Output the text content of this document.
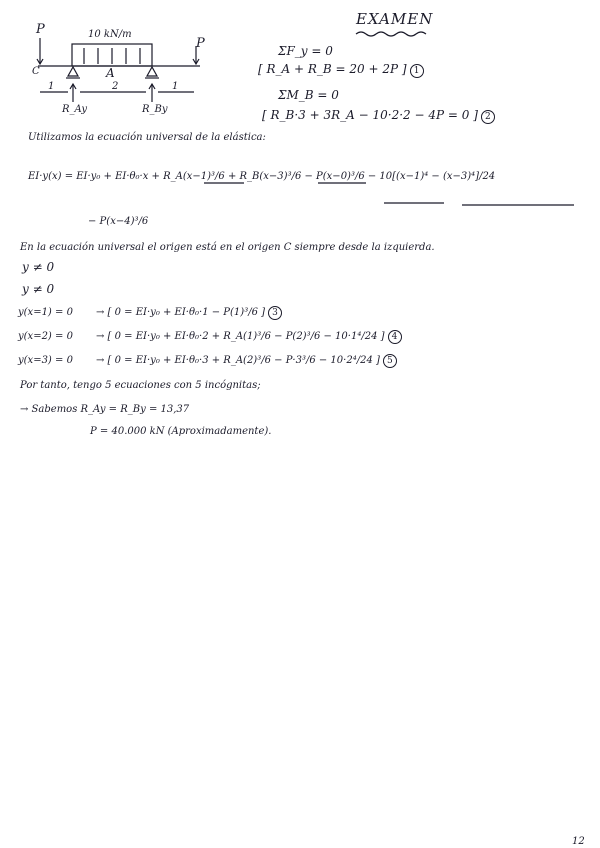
P
P
10 kN/m
C	A
1	2	1
R_Ay	R_By
EXAMEN
ΣF_y = 0
[ R_A + R_B = 20 + 2P ] 1
ΣM_B = 0
[ R_B·3 + 3R_A − 10·2·2 − 4P = 0 ] 2
Utilizamos la ecuación universal de la elástica:
EI·y(x) = EI·y₀ + EI·θ₀·x + R_A(x−1)³/6 + R_B(x−3)³/6 − P(x−0)³/6 − 10[(x−1)⁴ − (x−3)⁴]/24
− P(x−4)³/6
En la ecuación universal el origen está en el origen C siempre desde la izquierda.
y ≠ 0
y ≠ 0
y(x=1) = 0 → [ 0 = EI·y₀ + EI·θ₀·1 − P(1)³/6 ] 3
y(x=2) = 0 → [ 0 = EI·y₀ + EI·θ₀·2 + R_A(1)³/6 − P(2)³/6 − 10·1⁴/24 ] 4
y(x=3) = 0 → [ 0 = EI·y₀ + EI·θ₀·3 + R_A(2)³/6 − P·3³/6 − 10·2⁴/24 ] 5
Por tanto, tengo 5 ecuaciones con 5 incógnitas;
→ Sabemos R_Ay = R_By = 13,37
P = 40.000 kN (Aproximadamente).
12
